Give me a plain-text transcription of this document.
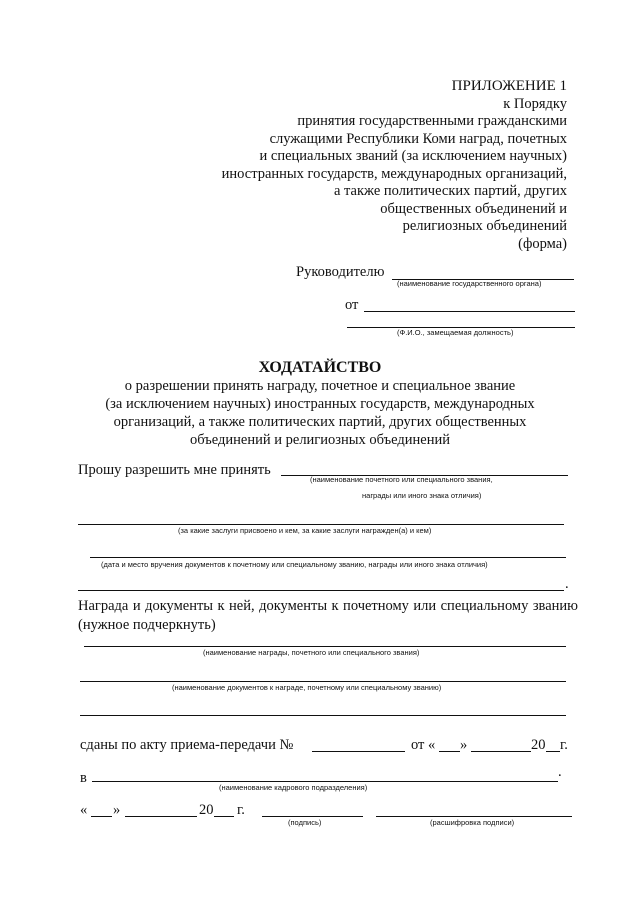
ПРИЛОЖЕНИЕ 1
к Порядку
принятия государственными гражданскими
служащими Республики Коми наград, почетных
и специальных званий (за исключением научных)
иностранных государств, международных организаций,
а также политических партий, других
общественных объединений и
религиозных объединений
(форма)
Руководителю
(наименование государственного органа)
от
(Ф.И.О., замещаемая должность)
ХОДАТАЙСТВО
о разрешении принять награду, почетное и специальное звание
(за исключением научных) иностранных государств, международных
организаций, а также политических партий, других общественных
объединений и религиозных объединений
Прошу разрешить мне принять
(наименование почетного или специального звания,
награды или иного знака отличия)
(за какие заслуги присвоено и кем, за какие заслуги награжден(а) и кем)
(дата и место вручения документов к почетному или специальному званию, награды или иного знака отличия)
.
Награда и документы к ней, документы к почетному или специальному званию (нужное подчеркнуть)
(наименование награды, почетного или специального звания)
(наименование документов к награде, почетному или специальному званию)
сданы по акту приема-передачи №	от « »	20 г.
в	.
(наименование кадрового подразделения)
« »	20 г.
(подпись)	(расшифровка подписи)
